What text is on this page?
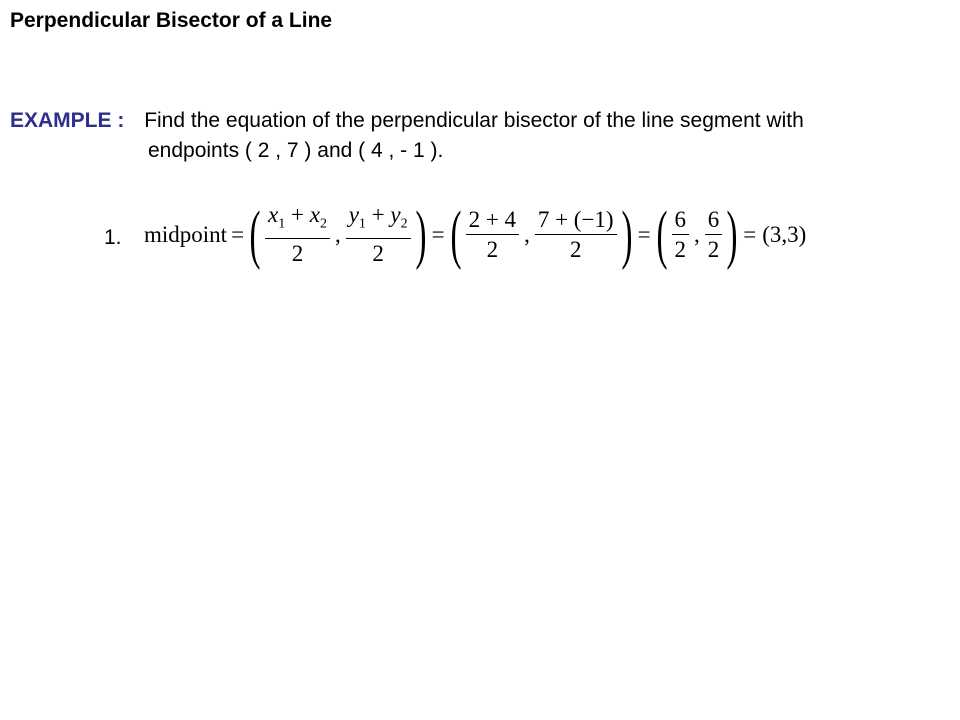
Perpendicular Bisector of a Line
EXAMPLE : Find the equation of the perpendicular bisector of the line segment with
endpoints ( 2 , 7 ) and ( 4 , - 1 ).
1. midpoint = ( $\frac{x_1 + x_2}{2}$ , $\frac{y_1 + y_2}{2}$ ) = ( $\frac{2 + 4}{2}$ , $\frac{7 + (-1)}{2}$ ) = ( $\frac{6}{2}$ , $\frac{6}{2}$ ) = (3,3)
